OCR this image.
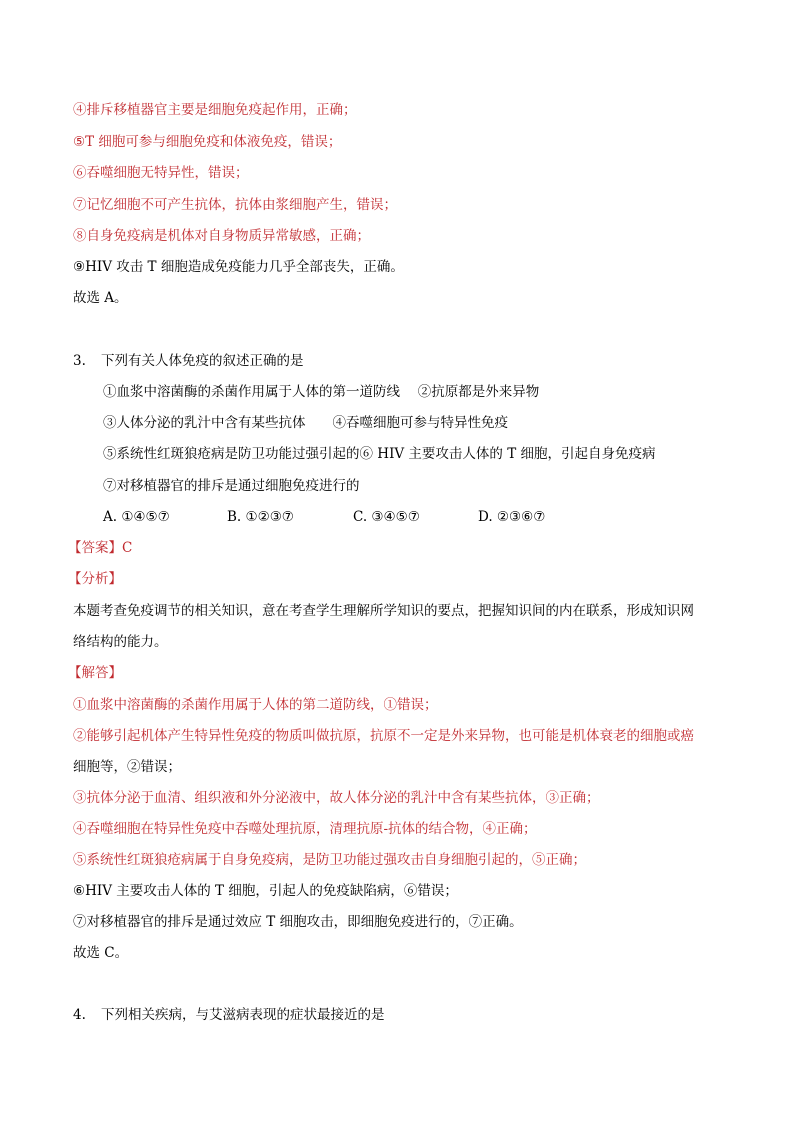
④排斥移植器官主要是细胞免疫起作用，正确；
⑤T 细胞可参与细胞免疫和体液免疫，错误；
⑥吞噬细胞无特异性，错误；
⑦记忆细胞不可产生抗体，抗体由浆细胞产生，错误；
⑧自身免疫病是机体对自身物质异常敏感，正确；
⑨HIV 攻击 T 细胞造成免疫能力几乎全部丧失，正确。
故选 A。
3. 下列有关人体免疫的叙述正确的是
①血浆中溶菌酶的杀菌作用属于人体的第一道防线　 ②抗原都是外来异物
③人体分泌的乳汁中含有某些抗体　　④吞噬细胞可参与特异性免疫
⑤系统性红斑狼疮病是防卫功能过强引起的⑥ HIV 主要攻击人体的 T 细胞，引起自身免疫病
⑦对移植器官的排斥是通过细胞免疫进行的
A. ①④⑤⑦	B. ①②③⑦	C. ③④⑤⑦	D. ②③⑥⑦
【答案】C
【分析】
本题考查免疫调节的相关知识，意在考查学生理解所学知识的要点，把握知识间的内在联系，形成知识网
络结构的能力。
【解答】
①血浆中溶菌酶的杀菌作用属于人体的第二道防线，①错误；
②能够引起机体产生特异性免疫的物质叫做抗原，抗原不一定是外来异物，也可能是机体衰老的细胞或癌
细胞等，②错误；
③抗体分泌于血清、组织液和外分泌液中，故人体分泌的乳汁中含有某些抗体，③正确；
④吞噬细胞在特异性免疫中吞噬处理抗原，清理抗原-抗体的结合物，④正确；
⑤系统性红斑狼疮病属于自身免疫病，是防卫功能过强攻击自身细胞引起的，⑤正确；
⑥HIV 主要攻击人体的 T 细胞，引起人的免疫缺陷病，⑥错误；
⑦对移植器官的排斥是通过效应 T 细胞攻击，即细胞免疫进行的，⑦正确。
故选 C。
4. 下列相关疾病，与艾滋病表现的症状最接近的是
